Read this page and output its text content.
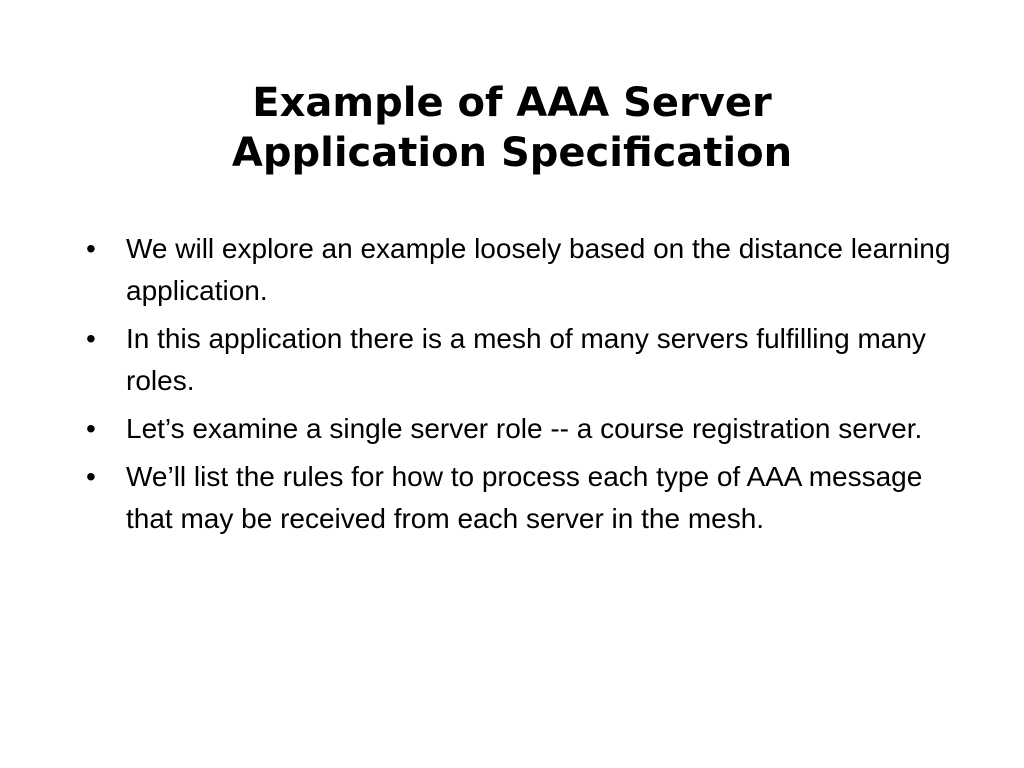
Example of AAA Server
Application Specification
•	We will explore an example loosely based on the distance learning application.
•	In this application there is a mesh of many servers fulfilling many roles.
•	Let’s examine a single server role -- a course registration server.
•	We’ll list the rules for how to process each type of AAA message that may be received from each server in the mesh.
